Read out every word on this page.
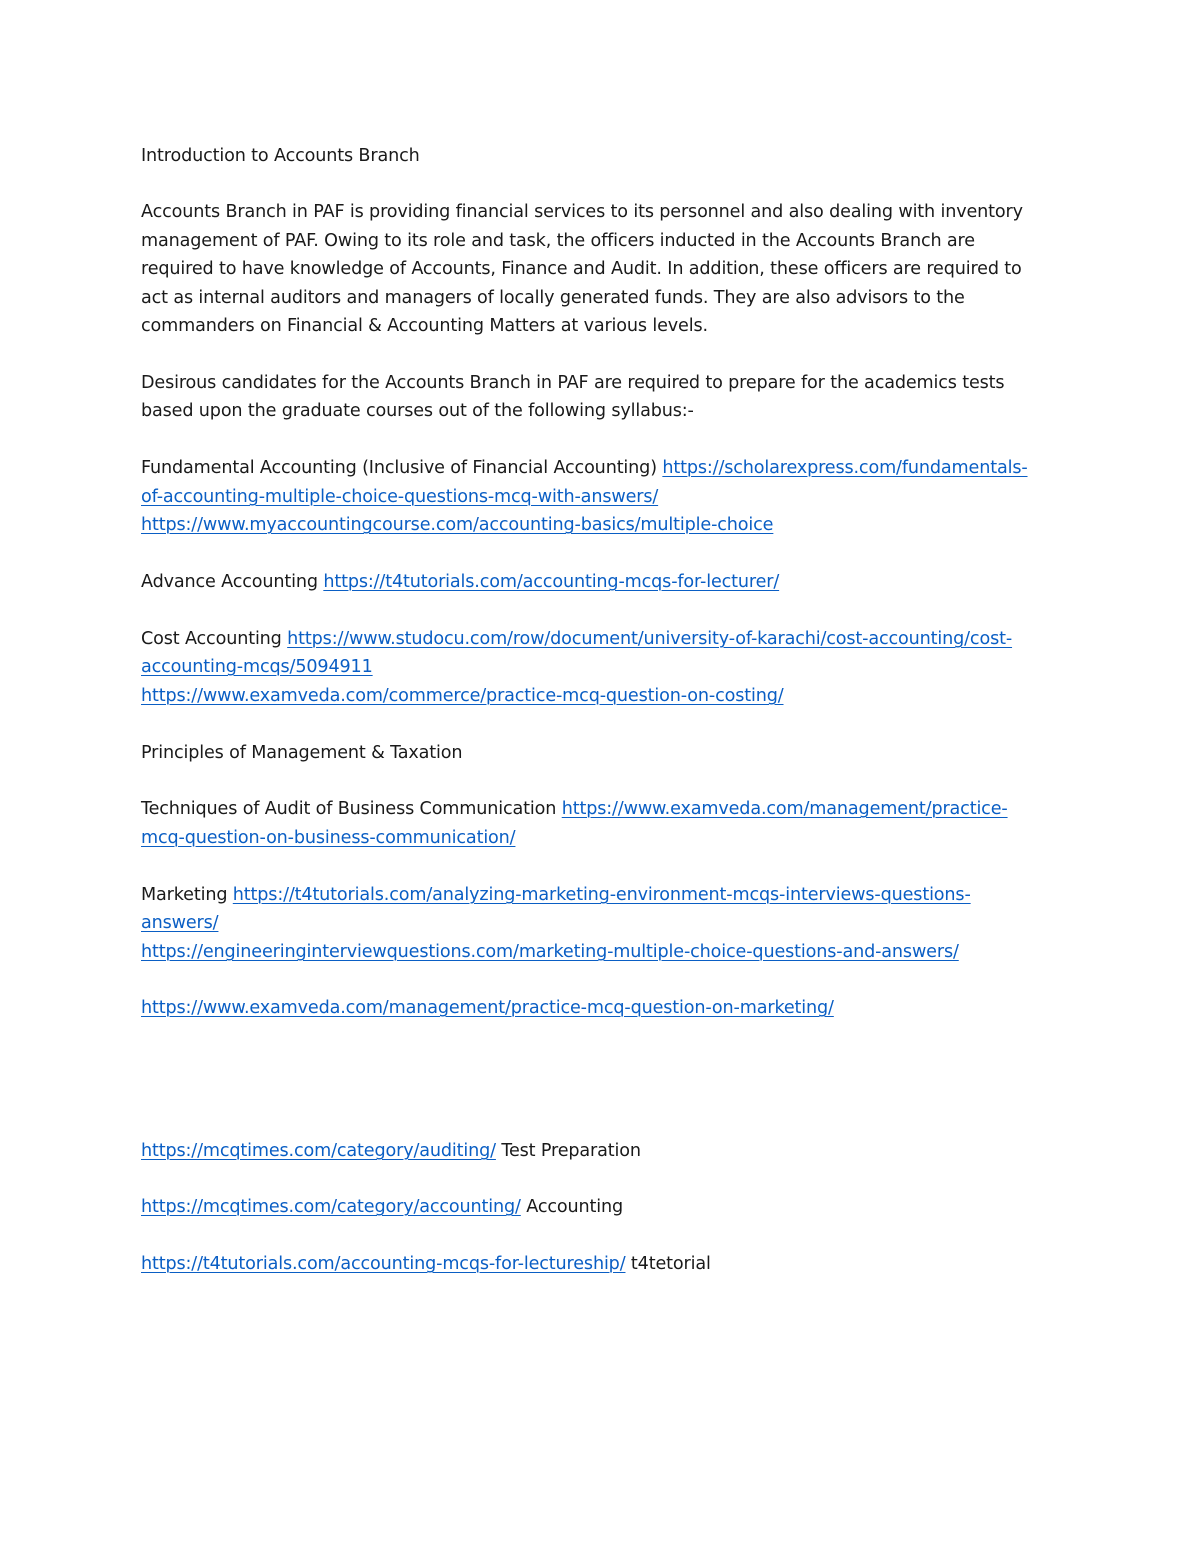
Introduction to Accounts Branch
Accounts Branch in PAF is providing financial services to its personnel and also dealing with inventory
management of PAF. Owing to its role and task, the officers inducted in the Accounts Branch are
required to have knowledge of Accounts, Finance and Audit. In addition, these officers are required to
act as internal auditors and managers of locally generated funds. They are also advisors to the
commanders on Financial & Accounting Matters at various levels.
Desirous candidates for the Accounts Branch in PAF are required to prepare for the academics tests
based upon the graduate courses out of the following syllabus:-
Fundamental Accounting (Inclusive of Financial Accounting) https://scholarexpress.com/fundamentals-
of-accounting-multiple-choice-questions-mcq-with-answers/
https://www.myaccountingcourse.com/accounting-basics/multiple-choice
Advance Accounting https://t4tutorials.com/accounting-mcqs-for-lecturer/
Cost Accounting https://www.studocu.com/row/document/university-of-karachi/cost-accounting/cost-
accounting-mcqs/5094911
https://www.examveda.com/commerce/practice-mcq-question-on-costing/
Principles of Management & Taxation
Techniques of Audit of Business Communication https://www.examveda.com/management/practice-
mcq-question-on-business-communication/
Marketing https://t4tutorials.com/analyzing-marketing-environment-mcqs-interviews-questions-
answers/
https://engineeringinterviewquestions.com/marketing-multiple-choice-questions-and-answers/
https://www.examveda.com/management/practice-mcq-question-on-marketing/
https://mcqtimes.com/category/auditing/ Test Preparation
https://mcqtimes.com/category/accounting/ Accounting
https://t4tutorials.com/accounting-mcqs-for-lectureship/ t4tetorial
